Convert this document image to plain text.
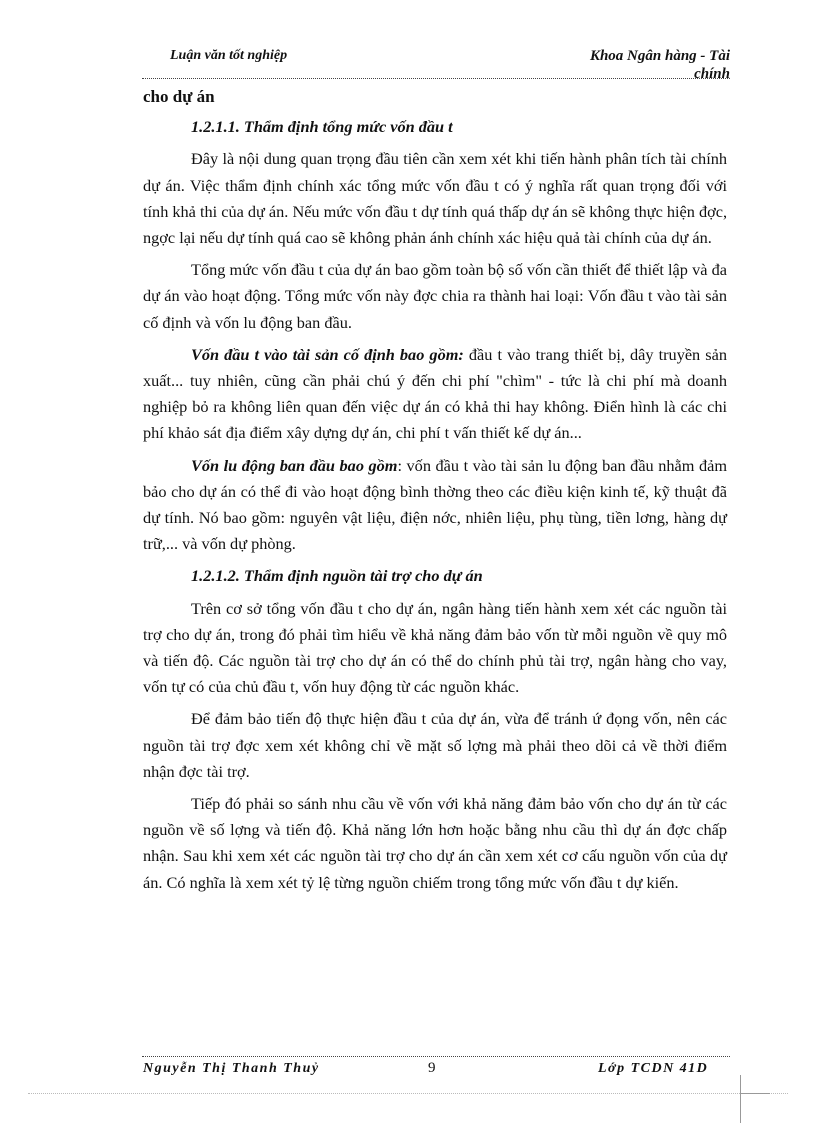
Luận văn tốt nghiệp	Khoa Ngân hàng - Tài
chính
cho dự án

1.2.1.1. Thẩm định tổng mức vốn đầu t

Đây là nội dung quan trọng đầu tiên cần xem xét khi tiến hành phân tích tài chính dự án. Việc thẩm định chính xác tổng mức vốn đầu t có ý nghĩa rất quan trọng đối với tính khả thi của dự án. Nếu mức vốn đầu t dự tính quá thấp dự án sẽ không thực hiện đợc, ngợc lại nếu dự tính quá cao sẽ không phản ánh chính xác hiệu quả tài chính của dự án.

Tổng mức vốn đầu t của dự án bao gồm toàn bộ số vốn cần thiết để thiết lập và đa dự án vào hoạt động. Tổng mức vốn này đợc chia ra thành hai loại: Vốn đầu t vào tài sản cố định và vốn lu động ban đầu.

Vốn đầu t vào tài sản cố định bao gồm: đầu t vào trang thiết bị, dây truyền sản xuất... tuy nhiên, cũng cần phải chú ý đến chi phí "chìm" - tức là chi phí mà doanh nghiệp bỏ ra không liên quan đến việc dự án có khả thi hay không. Điển hình là các chi phí khảo sát địa điểm xây dựng dự án, chi phí t vấn thiết kế dự án...

Vốn lu động ban đầu bao gồm: vốn đầu t vào tài sản lu động ban đầu nhằm đảm bảo cho dự án có thể đi vào hoạt động bình thờng theo các điều kiện kinh tế, kỹ thuật đã dự tính. Nó bao gồm: nguyên vật liệu, điện nớc, nhiên liệu, phụ tùng, tiền lơng, hàng dự trữ,... và vốn dự phòng.

1.2.1.2. Thẩm định nguồn tài trợ cho dự án

Trên cơ sở tổng vốn đầu t cho dự án, ngân hàng tiến hành xem xét các nguồn tài trợ cho dự án, trong đó phải tìm hiểu về khả năng đảm bảo vốn từ mỗi nguồn về quy mô và tiến độ. Các nguồn tài trợ cho dự án có thể do chính phủ tài trợ, ngân hàng cho vay, vốn tự có của chủ đầu t, vốn huy động từ các nguồn khác.

Để đảm bảo tiến độ thực hiện đầu t của dự án, vừa để tránh ứ đọng vốn, nên các nguồn tài trợ đợc xem xét không chỉ về mặt số lợng mà phải theo dõi cả về thời điểm nhận đợc tài trợ.

Tiếp đó phải so sánh nhu cầu về vốn với khả năng đảm bảo vốn cho dự án từ các nguồn về số lợng và tiến độ. Khả năng lớn hơn hoặc bằng nhu cầu thì dự án đợc chấp nhận. Sau khi xem xét các nguồn tài trợ cho dự án cần xem xét cơ cấu nguồn vốn của dự án. Có nghĩa là xem xét tỷ lệ từng nguồn chiếm trong tổng mức vốn đầu t dự kiến.

Nguyễn Thị Thanh Thuỷ	9	Lớp TCDN 41D
